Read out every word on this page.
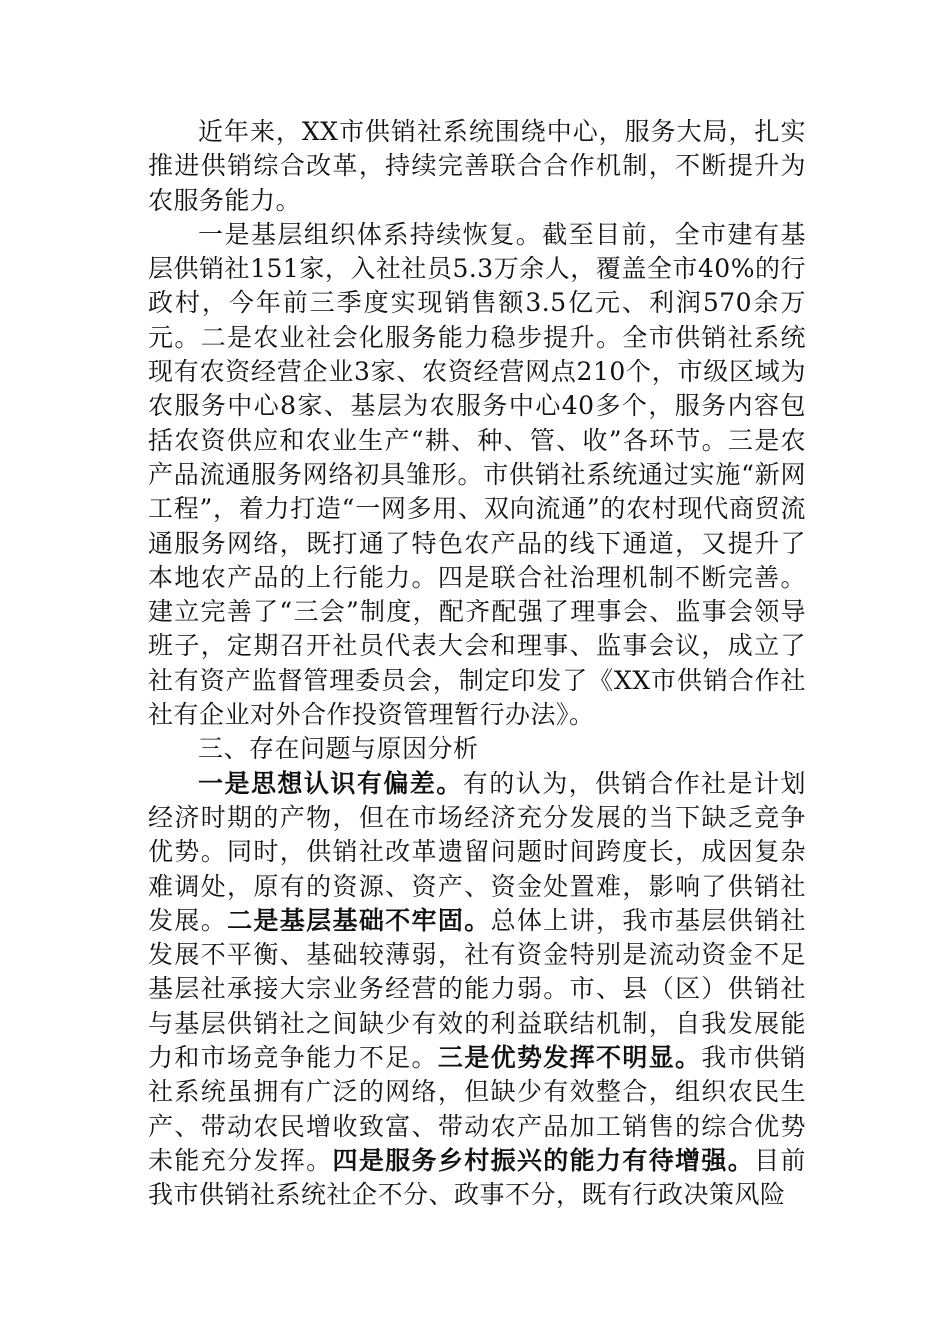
近年来，XX市供销社系统围绕中心，服务大局，扎实推进供销综合改革，持续完善联合合作机制，不断提升为农服务能力。

一是基层组织体系持续恢复。截至目前，全市建有基层供销社151家，入社社员5.3万余人，覆盖全市40%的行政村，今年前三季度实现销售额3.5亿元、利润570余万元。二是农业社会化服务能力稳步提升。全市供销社系统现有农资经营企业3家、农资经营网点210个，市级区域为农服务中心8家、基层为农服务中心40多个，服务内容包括农资供应和农业生产“耕、种、管、收”各环节。三是农产品流通服务网络初具雏形。市供销社系统通过实施“新网工程”，着力打造“一网多用、双向流通”的农村现代商贸流通服务网络，既打通了特色农产品的线下通道，又提升了本地农产品的上行能力。四是联合社治理机制不断完善。建立完善了“三会”制度，配齐配强了理事会、监事会领导班子，定期召开社员代表大会和理事、监事会议，成立了社有资产监督管理委员会，制定印发了《XX市供销合作社社有企业对外合作投资管理暂行办法》。

三、存在问题与原因分析

一是思想认识有偏差。有的认为，供销合作社是计划经济时期的产物，但在市场经济充分发展的当下缺乏竞争优势。同时，供销社改革遗留问题时间跨度长，成因复杂难调处，原有的资源、资产、资金处置难，影响了供销社发展。二是基层基础不牢固。总体上讲，我市基层供销社发展不平衡、基础较薄弱，社有资金特别是流动资金不足基层社承接大宗业务经营的能力弱。市、县（区）供销社与基层供销社之间缺少有效的利益联结机制，自我发展能力和市场竞争能力不足。三是优势发挥不明显。我市供销社系统虽拥有广泛的网络，但缺少有效整合，组织农民生产、带动农民增收致富、带动农产品加工销售的综合优势未能充分发挥。四是服务乡村振兴的能力有待增强。目前我市供销社系统社企不分、政事不分，既有行政决策风险
